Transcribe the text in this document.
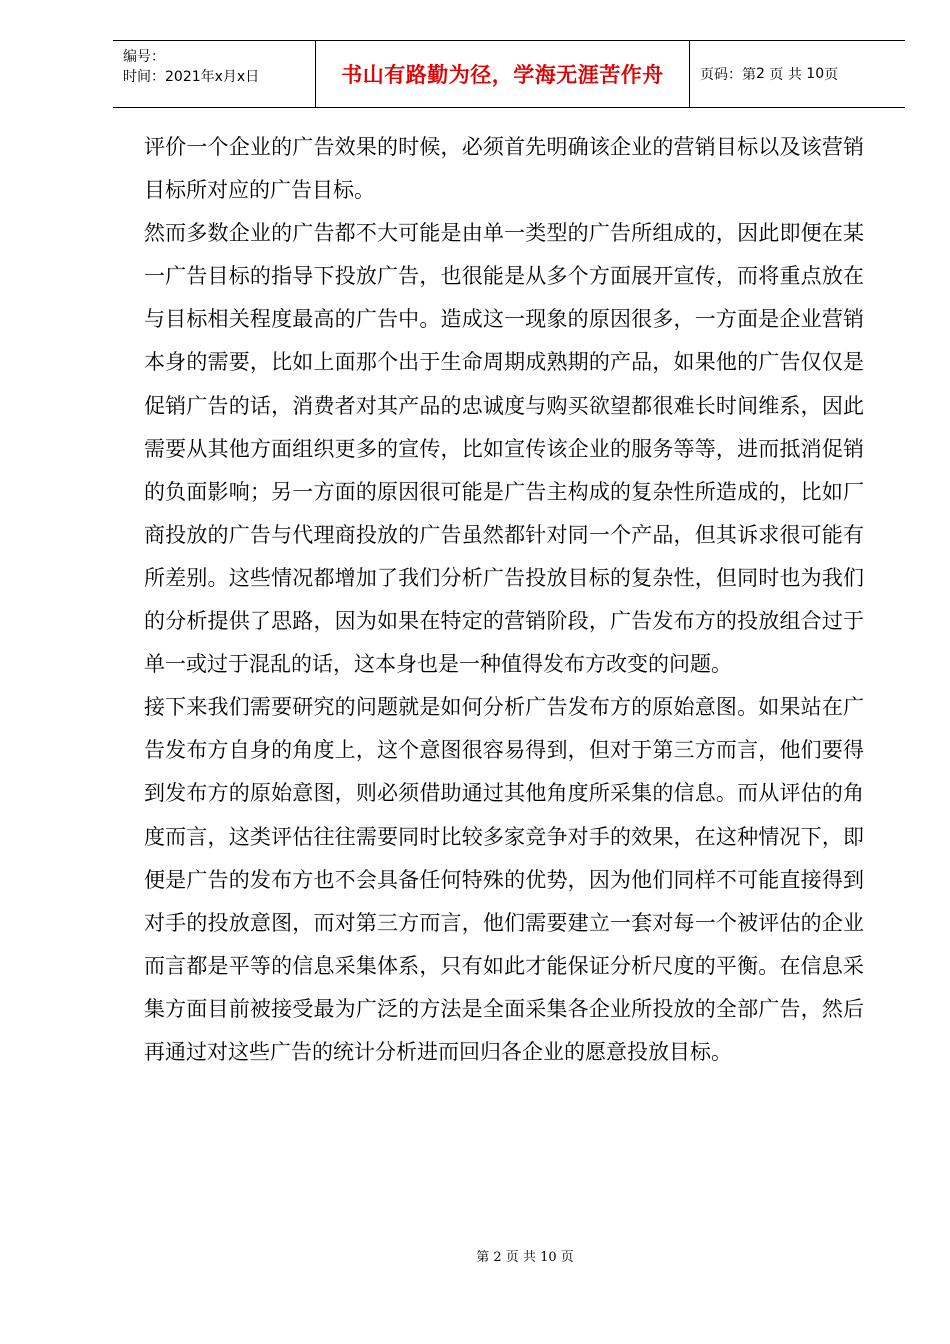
编号：
时间：2021年x月x日	书山有路勤为径，学海无涯苦作舟	页码：第 2
页 共
10 页

评价一个企业的广告效果的时候，必须首先明确该企业的营销目标以及该营销目标所对应的广告目标。

然而多数企业的广告都不大可能是由单一类型的广告所组成的，因此即便在某一广告目标的指导下投放广告，也很能是从多个方面展开宣传，而将重点放在与目标相关程度最高的广告中。造成这一现象的原因很多，一方面是企业营销本身的需要，比如上面那个出于生命周期成熟期的产品，如果他的广告仅仅是促销广告的话，消费者对其产品的忠诚度与购买欲望都很难长时间维系，因此需要从其他方面组织更多的宣传，比如宣传该企业的服务等等，进而抵消促销的负面影响；另一方面的原因很可能是广告主构成的复杂性所造成的，比如厂商投放的广告与代理商投放的广告虽然都针对同一个产品，但其诉求很可能有所差别。这些情况都增加了我们分析广告投放目标的复杂性，但同时也为我们的分析提供了思路，因为如果在特定的营销阶段，广告发布方的投放组合过于单一或过于混乱的话，这本身也是一种值得发布方改变的问题。

接下来我们需要研究的问题就是如何分析广告发布方的原始意图。如果站在广告发布方自身的角度上，这个意图很容易得到，但对于第三方而言，他们要得到发布方的原始意图，则必须借助通过其他角度所采集的信息。而从评估的角度而言，这类评估往往需要同时比较多家竞争对手的效果，在这种情况下，即便是广告的发布方也不会具备任何特殊的优势，因为他们同样不可能直接得到对手的投放意图，而对第三方而言，他们需要建立一套对每一个被评估的企业而言都是平等的信息采集体系，只有如此才能保证分析尺度的平衡。在信息采集方面目前被接受最为广泛的方法是全面采集各企业所投放的全部广告，然后再通过对这些广告的统计分析进而回归各企业的愿意投放目标。

第 2 页 共 10 页
